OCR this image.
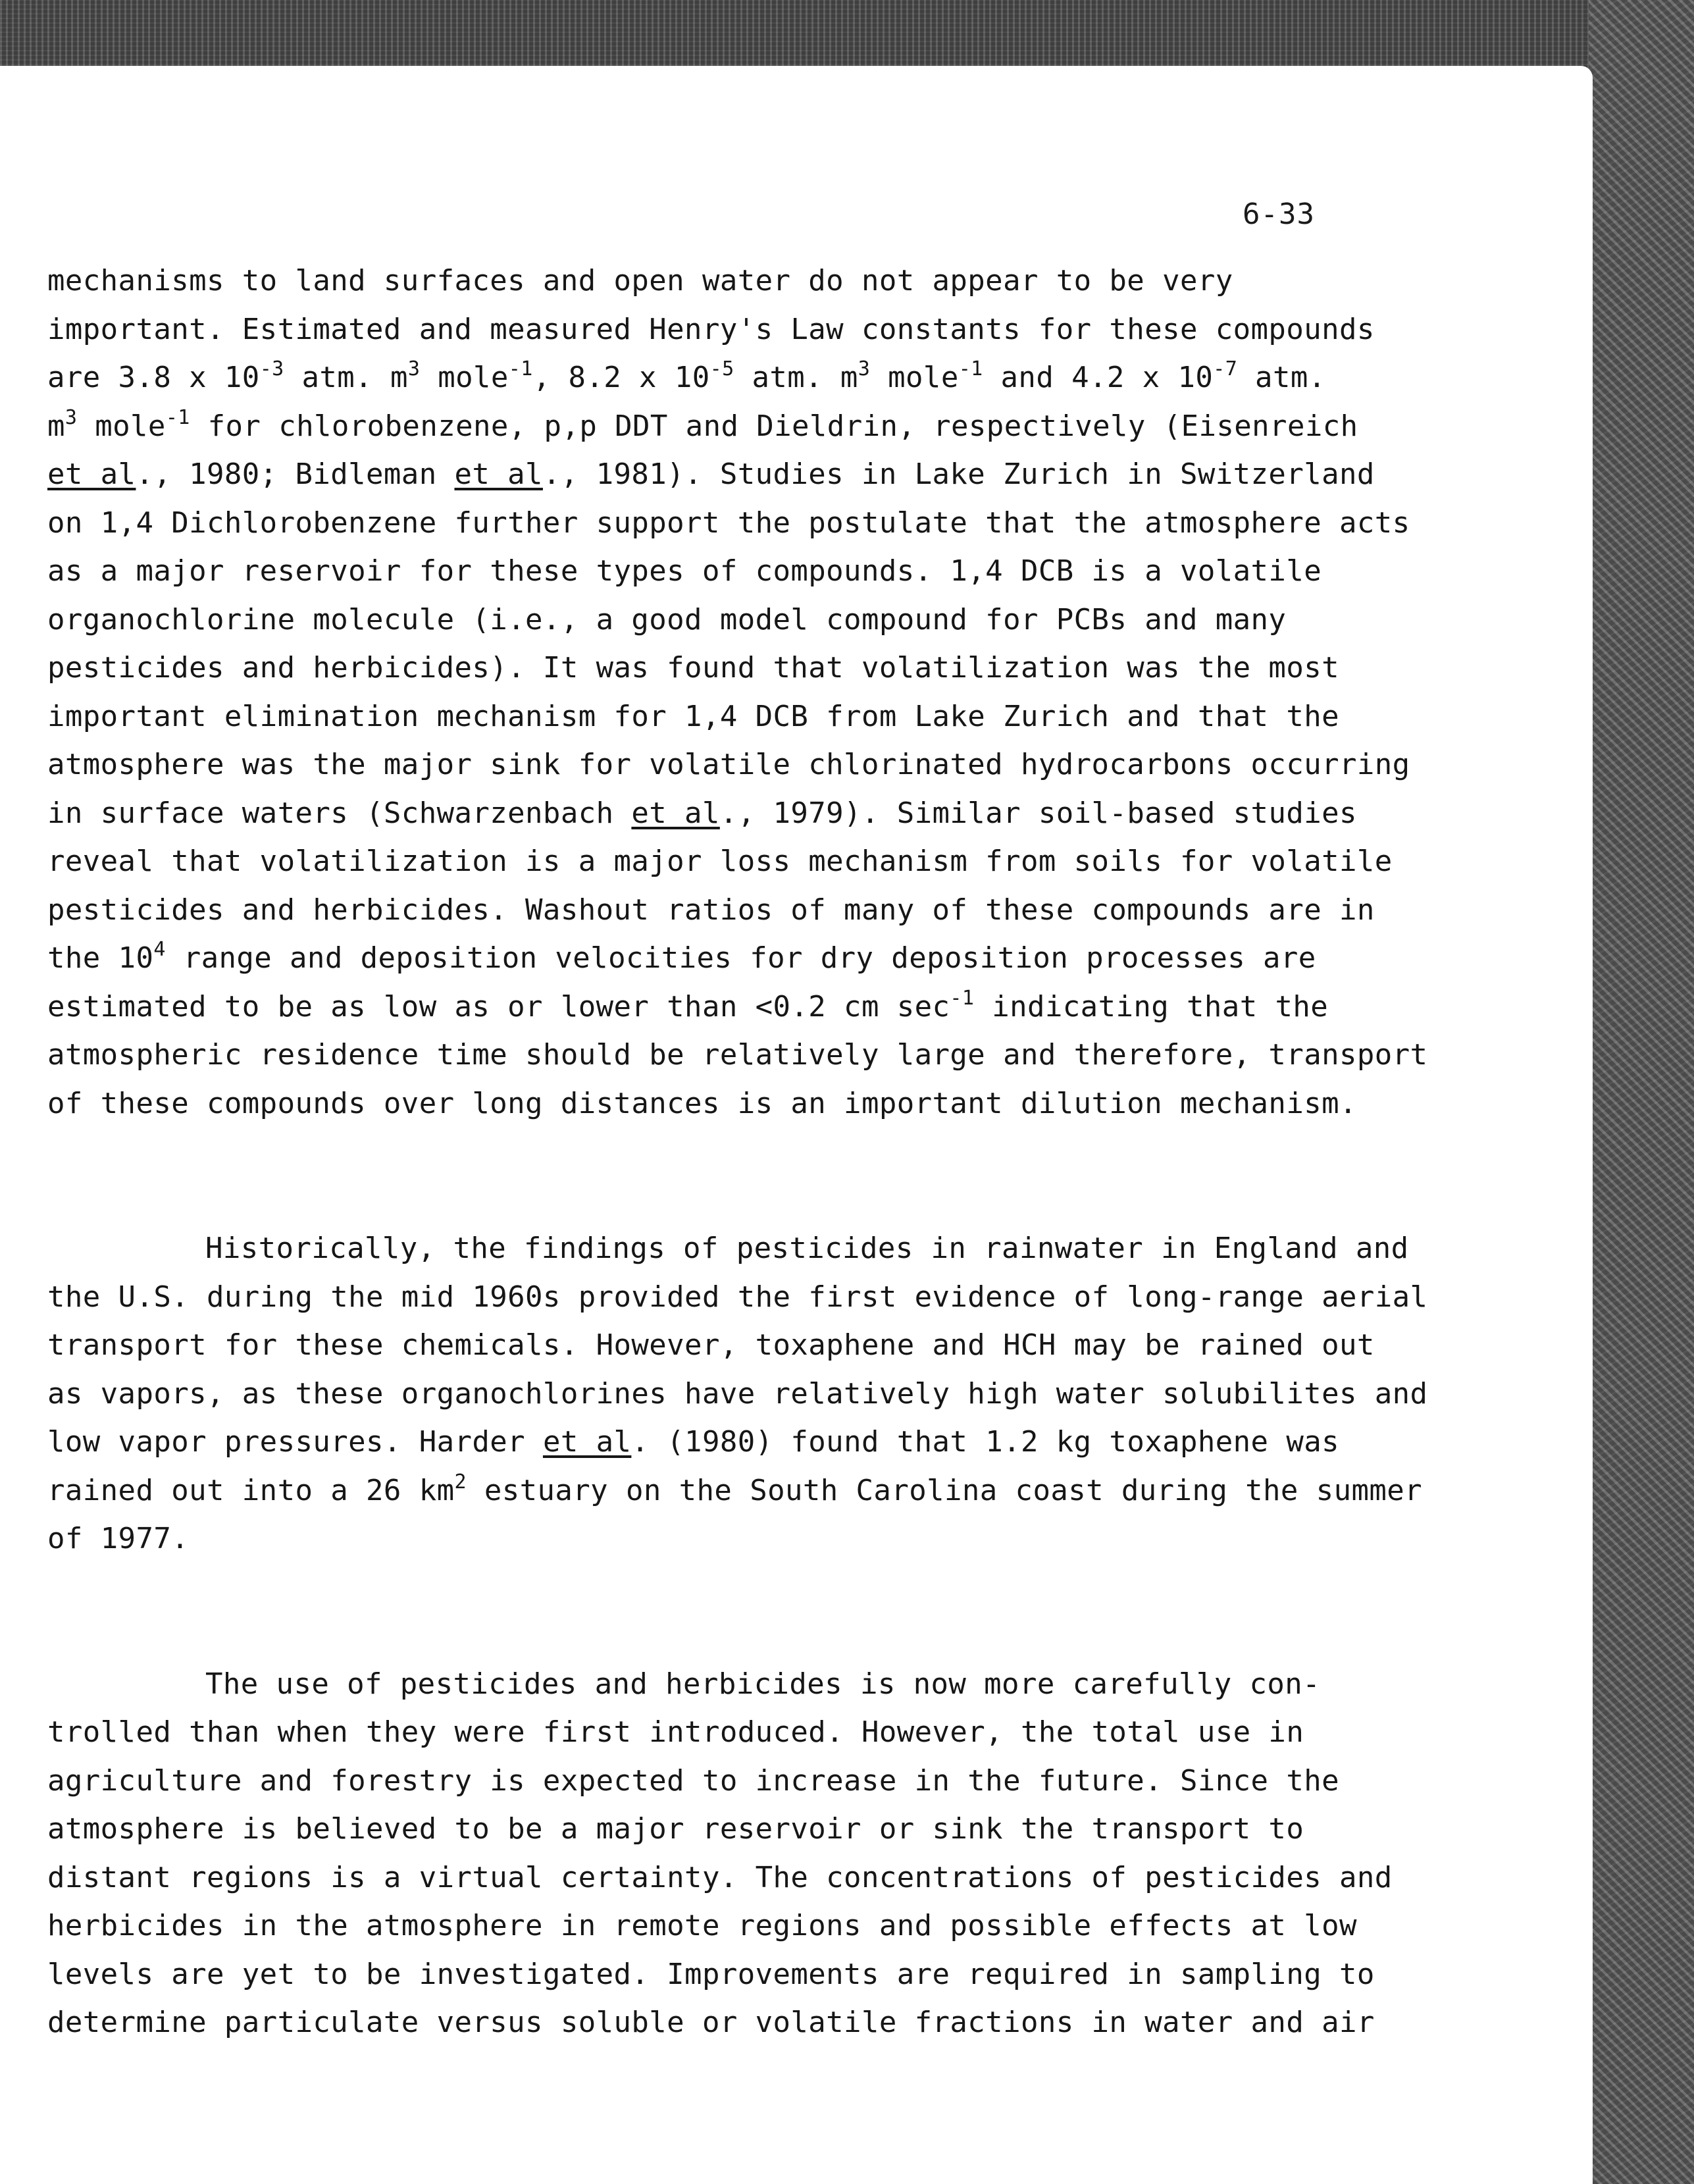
6-33
mechanisms to land surfaces and open water do not appear to be very
important. Estimated and measured Henry's Law constants for these compounds
are 3.8 x $10^{-3}$ atm. $m^3$ mole$^{-1}$, 8.2 x $10^{-5}$ atm. $m^3$ mole$^{-1}$ and 4.2 x $10^{-7}$ atm.
$m^3$ mole$^{-1}$ for chlorobenzene, p,p DDT and Dieldrin, respectively (Eisenreich
et al., 1980; Bidleman et al., 1981). Studies in Lake Zurich in Switzerland
on 1,4 Dichlorobenzene further support the postulate that the atmosphere acts
as a major reservoir for these types of compounds. 1,4 DCB is a volatile
organochlorine molecule (i.e., a good model compound for PCBs and many
pesticides and herbicides). It was found that volatilization was the most
important elimination mechanism for 1,4 DCB from Lake Zurich and that the
atmosphere was the major sink for volatile chlorinated hydrocarbons occurring
in surface waters (Schwarzenbach et al., 1979). Similar soil-based studies
reveal that volatilization is a major loss mechanism from soils for volatile
pesticides and herbicides. Washout ratios of many of these compounds are in
the $10^4$ range and deposition velocities for dry deposition processes are
estimated to be as low as or lower than <0.2 cm $\sec^{-1}$ indicating that the
atmospheric residence time should be relatively large and therefore, transport
of these compounds over long distances is an important dilution mechanism.
Historically, the findings of pesticides in rainwater in England and
the U.S. during the mid 1960s provided the first evidence of long-range aerial
transport for these chemicals. However, toxaphene and HCH may be rained out
as vapors, as these organochlorines have relatively high water solubilites and
low vapor pressures. Harder et al. (1980) found that 1.2 kg toxaphene was
rained out into a 26 $km^2$ estuary on the South Carolina coast during the summer
of 1977.
The use of pesticides and herbicides is now more carefully con-
trolled than when they were first introduced. However, the total use in
agriculture and forestry is expected to increase in the future. Since the
atmosphere is believed to be a major reservoir or sink the transport to
distant regions is a virtual certainty. The concentrations of pesticides and
herbicides in the atmosphere in remote regions and possible effects at low
levels are yet to be investigated. Improvements are required in sampling to
determine particulate versus soluble or volatile fractions in water and air
